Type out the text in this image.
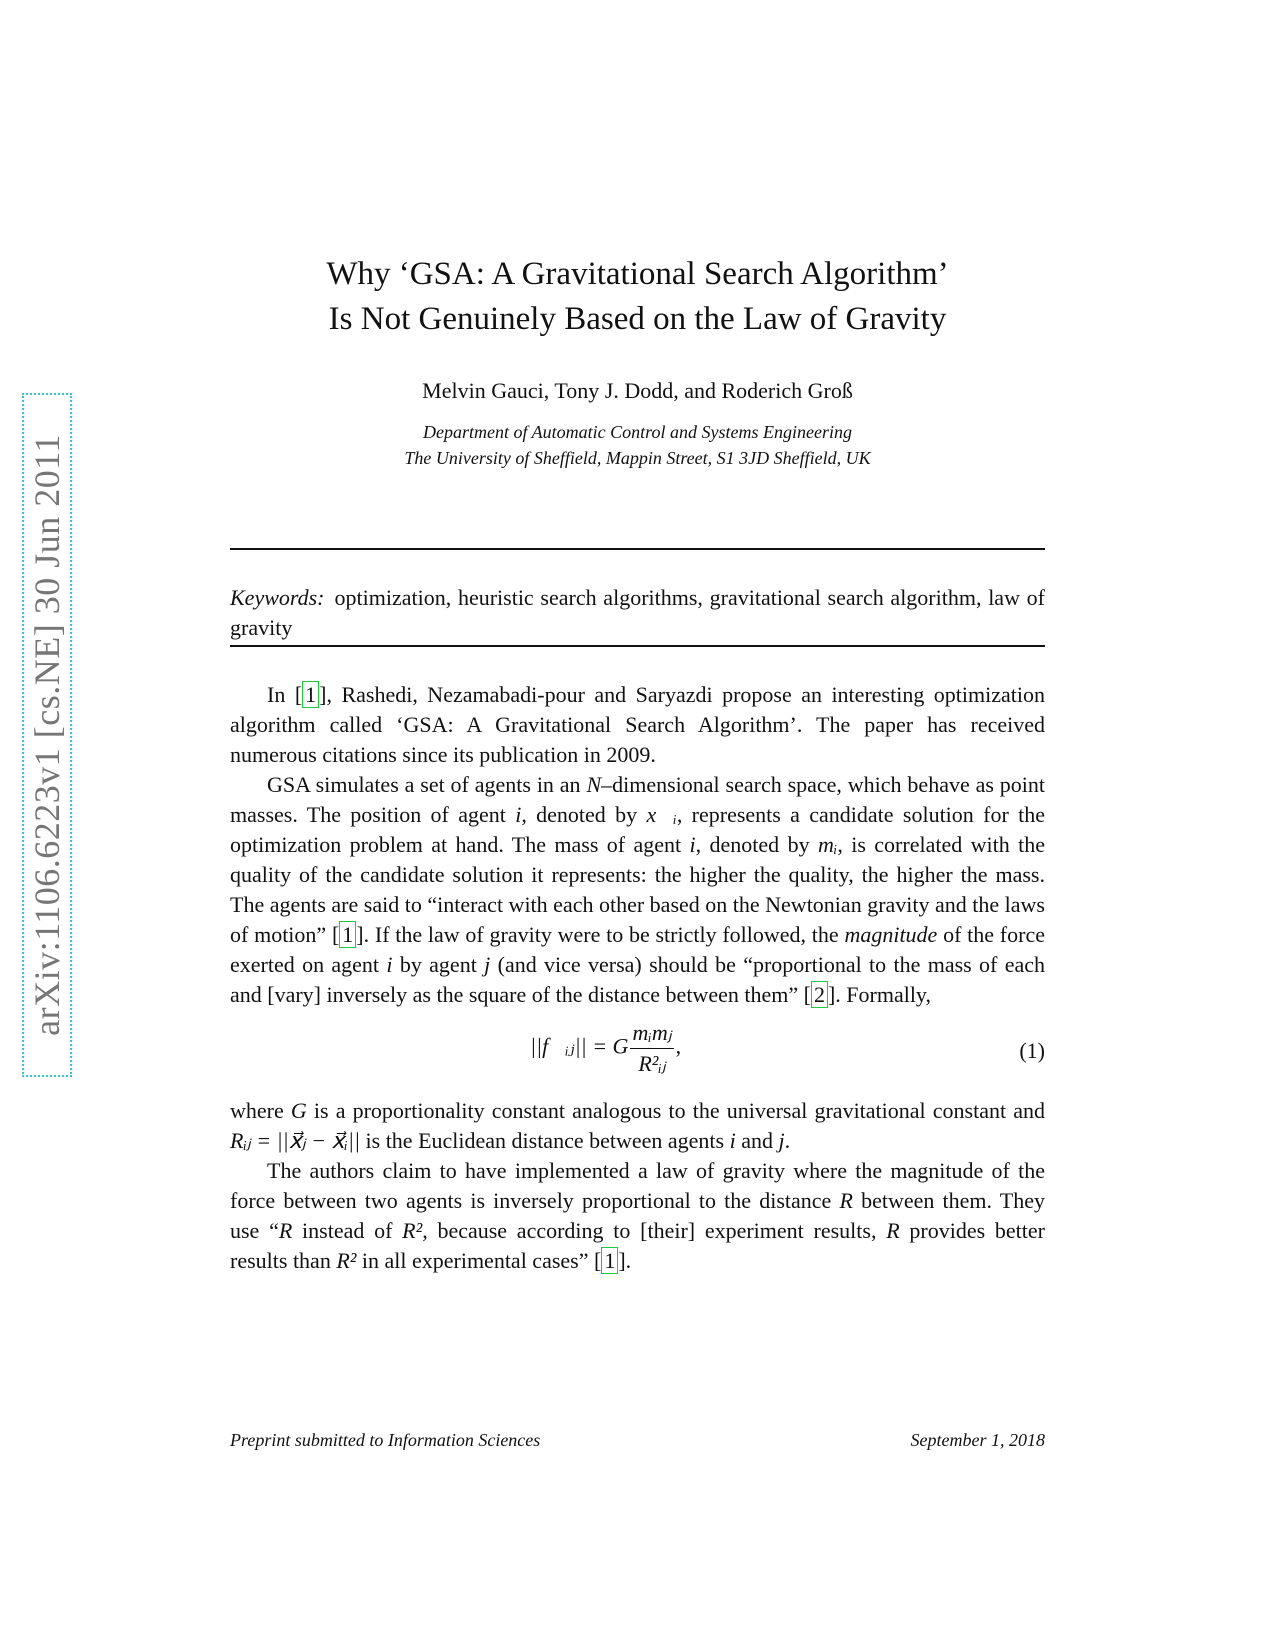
arXiv:1106.6223v1 [cs.NE] 30 Jun 2011
Why ‘GSA: A Gravitational Search Algorithm’
Is Not Genuinely Based on the Law of Gravity
Melvin Gauci, Tony J. Dodd, and Roderich Groß
Department of Automatic Control and Systems Engineering
The University of Sheffield, Mappin Street, S1 3JD Sheffield, UK
Keywords: optimization, heuristic search algorithms, gravitational search algorithm, law of gravity

In [ 1 ], Rashedi, Nezamabadi-pour and Saryazdi propose an interesting optimization algorithm called ‘GSA: A Gravitational Search Algorithm’. The paper has received numerous citations since its publication in 2009.

GSA simulates a set of agents in an N–dimensional search space, which behave as point masses. The position of agent i, denoted by x⃗ᵢ, represents a candidate solution for the optimization problem at hand. The mass of agent i, denoted by mᵢ, is correlated with the quality of the candidate solution it represents: the higher the quality, the higher the mass. The agents are said to “interact with each other based on the Newtonian gravity and the laws of motion” [ 1 ]. If the law of gravity were to be strictly followed, the magnitude of the force exerted on agent i by agent j (and vice versa) should be “proportional to the mass of each and [vary] inversely as the square of the distance between them” [ 2 ]. Formally,

||f⃗ᵢⱼ|| = G $\frac{\text{mᵢmⱼ}}{\text{R²ᵢⱼ}}$ ,	(1)

where G is a proportionality constant analogous to the universal gravitational constant and Rᵢⱼ = ||x⃗ⱼ − x⃗ᵢ|| is the Euclidean distance between agents i and j.

The authors claim to have implemented a law of gravity where the magnitude of the force between two agents is inversely proportional to the distance R between them. They use “R instead of R², because according to [their] experiment results, R provides better results than R² in all experimental cases” [ 1 ].

Preprint submitted to Information Sciences	September 1, 2018
